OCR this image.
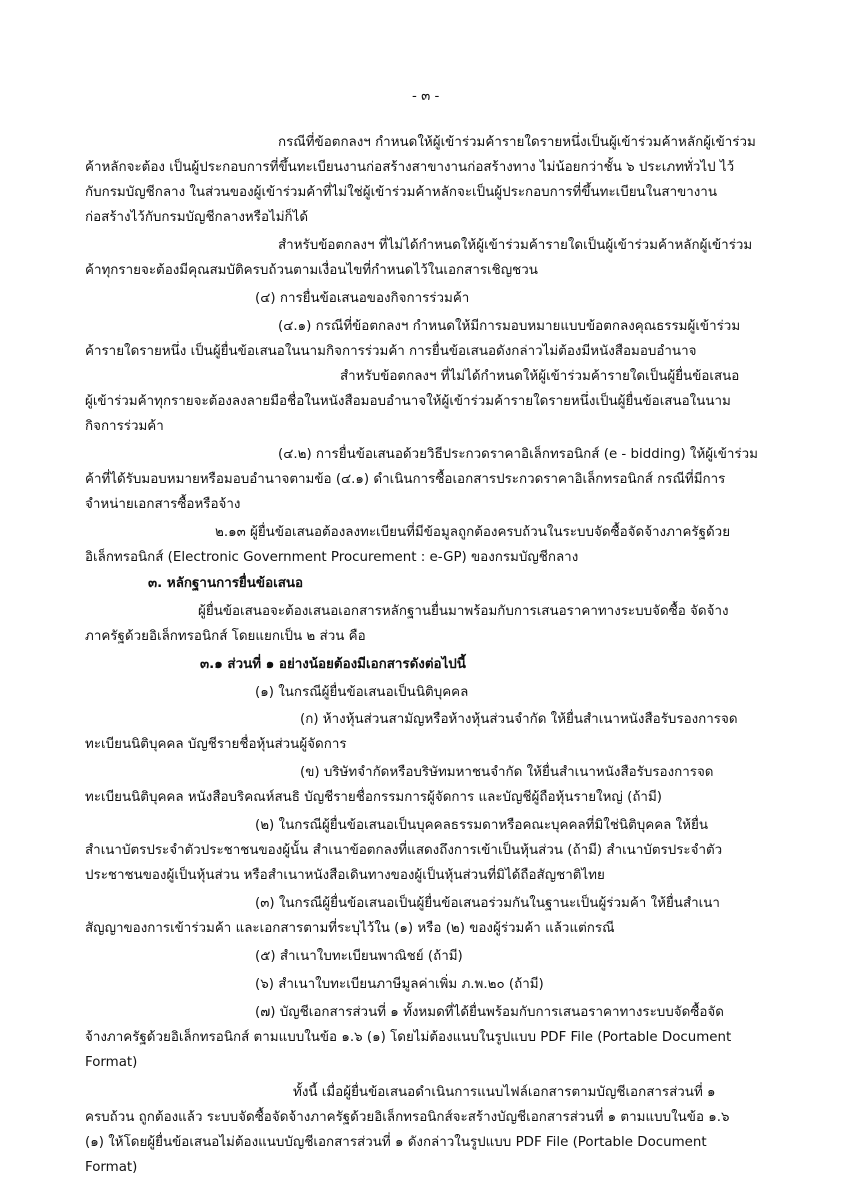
- ๓ -
กรณีที่ข้อตกลงฯ กำหนดให้ผู้เข้าร่วมค้ารายใดรายหนึ่งเป็นผู้เข้าร่วมค้าหลักผู้เข้าร่วม
ค้าหลักจะต้อง เป็นผู้ประกอบการที่ขึ้นทะเบียนงานก่อสร้างสาขางานก่อสร้างทาง ไม่น้อยกว่าชั้น ๖ ประเภททั่วไป ไว้
กับกรมบัญชีกลาง ในส่วนของผู้เข้าร่วมค้าที่ไม่ใช่ผู้เข้าร่วมค้าหลักจะเป็นผู้ประกอบการที่ขึ้นทะเบียนในสาขางาน
ก่อสร้างไว้กับกรมบัญชีกลางหรือไม่ก็ได้
สำหรับข้อตกลงฯ ที่ไม่ได้กำหนดให้ผู้เข้าร่วมค้ารายใดเป็นผู้เข้าร่วมค้าหลักผู้เข้าร่วม
ค้าทุกรายจะต้องมีคุณสมบัติครบถ้วนตามเงื่อนไขที่กำหนดไว้ในเอกสารเชิญชวน
(๔) การยื่นข้อเสนอของกิจการร่วมค้า
(๔.๑) กรณีที่ข้อตกลงฯ กำหนดให้มีการมอบหมายแบบข้อตกลงคุณธรรมผู้เข้าร่วม
ค้ารายใดรายหนึ่ง เป็นผู้ยื่นข้อเสนอในนามกิจการร่วมค้า การยื่นข้อเสนอดังกล่าวไม่ต้องมีหนังสือมอบอำนาจ
สำหรับข้อตกลงฯ ที่ไม่ได้กำหนดให้ผู้เข้าร่วมค้ารายใดเป็นผู้ยื่นข้อเสนอ
ผู้เข้าร่วมค้าทุกรายจะต้องลงลายมือชื่อในหนังสือมอบอำนาจให้ผู้เข้าร่วมค้ารายใดรายหนึ่งเป็นผู้ยื่นข้อเสนอในนาม
กิจการร่วมค้า
(๔.๒) การยื่นข้อเสนอด้วยวิธีประกวดราคาอิเล็กทรอนิกส์ (e - bidding) ให้ผู้เข้าร่วม
ค้าที่ได้รับมอบหมายหรือมอบอำนาจตามข้อ (๔.๑) ดำเนินการซื้อเอกสารประกวดราคาอิเล็กทรอนิกส์ กรณีที่มีการ
จำหน่ายเอกสารซื้อหรือจ้าง
๒.๑๓ ผู้ยื่นข้อเสนอต้องลงทะเบียนที่มีข้อมูลถูกต้องครบถ้วนในระบบจัดซื้อจัดจ้างภาครัฐด้วย
อิเล็กทรอนิกส์ (Electronic Government Procurement : e-GP) ของกรมบัญชีกลาง
๓. หลักฐานการยื่นข้อเสนอ
ผู้ยื่นข้อเสนอจะต้องเสนอเอกสารหลักฐานยื่นมาพร้อมกับการเสนอราคาทางระบบจัดซื้อ จัดจ้าง
ภาครัฐด้วยอิเล็กทรอนิกส์ โดยแยกเป็น ๒ ส่วน คือ
๓.๑ ส่วนที่ ๑ อย่างน้อยต้องมีเอกสารดังต่อไปนี้
(๑) ในกรณีผู้ยื่นข้อเสนอเป็นนิติบุคคล
(ก) ห้างหุ้นส่วนสามัญหรือห้างหุ้นส่วนจำกัด ให้ยื่นสำเนาหนังสือรับรองการจด
ทะเบียนนิติบุคคล บัญชีรายชื่อหุ้นส่วนผู้จัดการ
(ข) บริษัทจำกัดหรือบริษัทมหาชนจำกัด ให้ยื่นสำเนาหนังสือรับรองการจด
ทะเบียนนิติบุคคล หนังสือบริคณห์สนธิ บัญชีรายชื่อกรรมการผู้จัดการ และบัญชีผู้ถือหุ้นรายใหญ่ (ถ้ามี)
(๒) ในกรณีผู้ยื่นข้อเสนอเป็นบุคคลธรรมดาหรือคณะบุคคลที่มิใช่นิติบุคคล ให้ยื่น
สำเนาบัตรประจำตัวประชาชนของผู้นั้น สำเนาข้อตกลงที่แสดงถึงการเข้าเป็นหุ้นส่วน (ถ้ามี) สำเนาบัตรประจำตัว
ประชาชนของผู้เป็นหุ้นส่วน หรือสำเนาหนังสือเดินทางของผู้เป็นหุ้นส่วนที่มิได้ถือสัญชาติไทย
(๓) ในกรณีผู้ยื่นข้อเสนอเป็นผู้ยื่นข้อเสนอร่วมกันในฐานะเป็นผู้ร่วมค้า ให้ยื่นสำเนา
สัญญาของการเข้าร่วมค้า และเอกสารตามที่ระบุไว้ใน (๑) หรือ (๒) ของผู้ร่วมค้า แล้วแต่กรณี
(๕) สำเนาใบทะเบียนพาณิชย์ (ถ้ามี)
(๖) สำเนาใบทะเบียนภาษีมูลค่าเพิ่ม ภ.พ.๒๐ (ถ้ามี)
(๗) บัญชีเอกสารส่วนที่ ๑ ทั้งหมดที่ได้ยื่นพร้อมกับการเสนอราคาทางระบบจัดซื้อจัด
จ้างภาครัฐด้วยอิเล็กทรอนิกส์ ตามแบบในข้อ ๑.๖ (๑) โดยไม่ต้องแนบในรูปแบบ PDF File (Portable Document
Format)
ทั้งนี้ เมื่อผู้ยื่นข้อเสนอดำเนินการแนบไฟล์เอกสารตามบัญชีเอกสารส่วนที่ ๑
ครบถ้วน ถูกต้องแล้ว ระบบจัดซื้อจัดจ้างภาครัฐด้วยอิเล็กทรอนิกส์จะสร้างบัญชีเอกสารส่วนที่ ๑ ตามแบบในข้อ ๑.๖
(๑) ให้โดยผู้ยื่นข้อเสนอไม่ต้องแนบบัญชีเอกสารส่วนที่ ๑ ดังกล่าวในรูปแบบ PDF File (Portable Document
Format)
